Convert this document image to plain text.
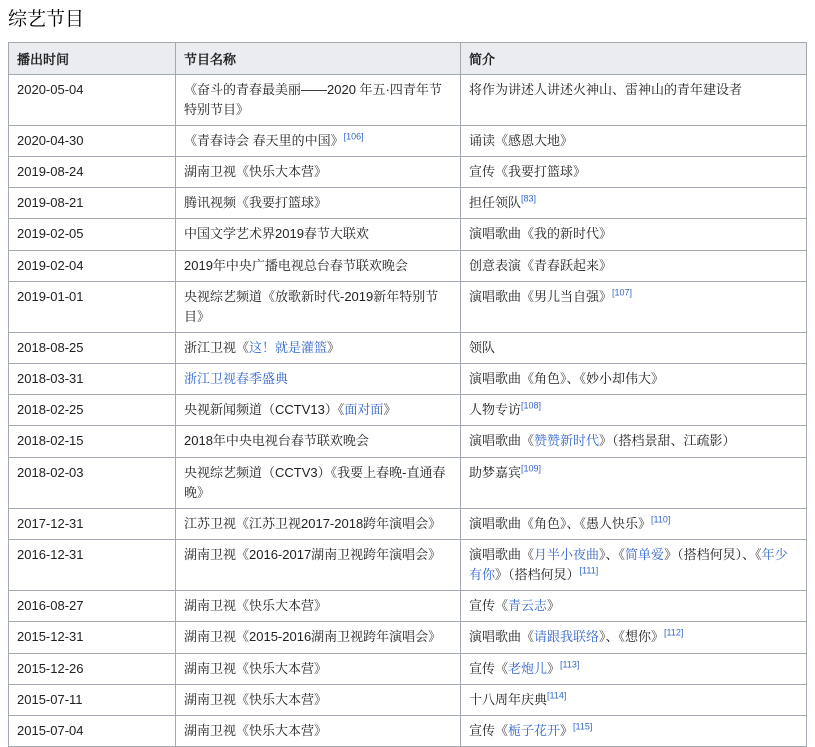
综艺节目
播出时间	节目名称	简介
2020-05-04	《奋斗的青春最美丽——2020 年五·四青年节特别节目》	将作为讲述人讲述火神山、雷神山的青年建设者
2020-04-30	《青春诗会 春天里的中国》[106]	诵读《感恩大地》
2019-08-24	湖南卫视《快乐大本营》	宣传《我要打篮球》
2019-08-21	腾讯视频《我要打篮球》	担任领队[83]
2019-02-05	中国文学艺术界2019春节大联欢	演唱歌曲《我的新时代》
2019-02-04	2019年中央广播电视总台春节联欢晚会	创意表演《青春跃起来》
2019-01-01	央视综艺频道《放歌新时代-2019新年特别节目》	演唱歌曲《男儿当自强》[107]
2018-08-25	浙江卫视《这！就是灌篮》	领队
2018-03-31	浙江卫视春季盛典	演唱歌曲《角色》、《妙小却伟大》
2018-02-25	央视新闻频道（CCTV13）《面对面》	人物专访[108]
2018-02-15	2018年中央电视台春节联欢晚会	演唱歌曲《赞赞新时代》（搭档景甜、江疏影）
2018-02-03	央视综艺频道（CCTV3）《我要上春晚-直通春晚》	助梦嘉宾[109]
2017-12-31	江苏卫视《江苏卫视2017-2018跨年演唱会》	演唱歌曲《角色》、《愚人快乐》[110]
2016-12-31	湖南卫视《2016-2017湖南卫视跨年演唱会》	演唱歌曲《月半小夜曲》、《简单爱》（搭档何炅）、《年少有你》（搭档何炅）[111]
2016-08-27	湖南卫视《快乐大本营》	宣传《青云志》
2015-12-31	湖南卫视《2015-2016湖南卫视跨年演唱会》	演唱歌曲《请跟我联络》、《想你》[112]
2015-12-26	湖南卫视《快乐大本营》	宣传《老炮儿》[113]
2015-07-11	湖南卫视《快乐大本营》	十八周年庆典[114]
2015-07-04	湖南卫视《快乐大本营》	宣传《栀子花开》[115]
